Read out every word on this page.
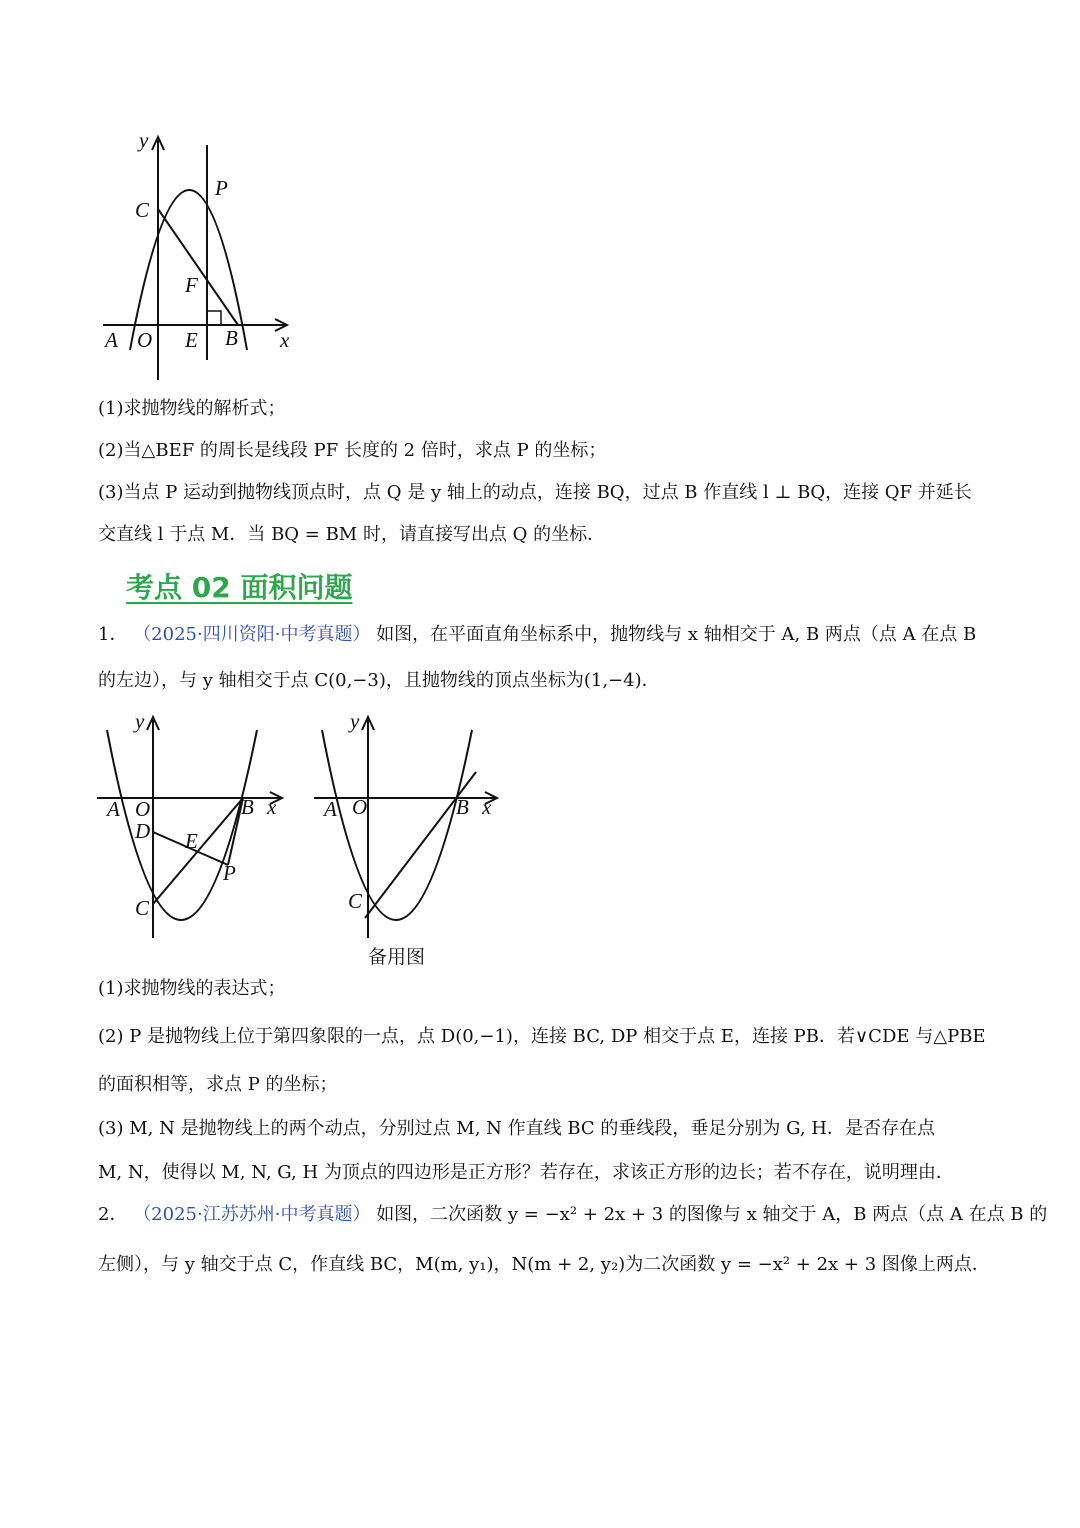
y
C
P
F
A O E B x
(1)求抛物线的解析式；
(2)当△BEF 的周长是线段 PF 长度的 2 倍时，求点 P 的坐标；
(3)当点 P 运动到抛物线顶点时，点 Q 是 y 轴上的动点，连接 BQ，过点 B 作直线 l ⊥ BQ，连接 QF 并延长
交直线 l 于点 M．当 BQ = BM 时，请直接写出点 Q 的坐标．
考点 02 面积问题
1． （2025·四川资阳·中考真题） 如图，在平面直角坐标系中，抛物线与 x 轴相交于 A, B 两点（点 A 在点 B
的左边），与 y 轴相交于点 C(0,−3)，且抛物线的顶点坐标为(1,−4)．
y
A O	B x
D E
P
C
y
A O	B x
C
备用图
(1)求抛物线的表达式；
(2) P 是抛物线上位于第四象限的一点，点 D(0,−1)，连接 BC, DP 相交于点 E，连接 PB．若∨CDE 与△PBE
的面积相等，求点 P 的坐标；
(3) M, N 是抛物线上的两个动点，分别过点 M, N 作直线 BC 的垂线段，垂足分别为 G, H．是否存在点
M, N，使得以 M, N, G, H 为顶点的四边形是正方形？若存在，求该正方形的边长；若不存在，说明理由．
2． （2025·江苏苏州·中考真题） 如图，二次函数 y = −x² + 2x + 3 的图像与 x 轴交于 A，B 两点（点 A 在点 B 的
左侧），与 y 轴交于点 C，作直线 BC，M(m, y₁)，N(m + 2, y₂)为二次函数 y = −x² + 2x + 3 图像上两点．
